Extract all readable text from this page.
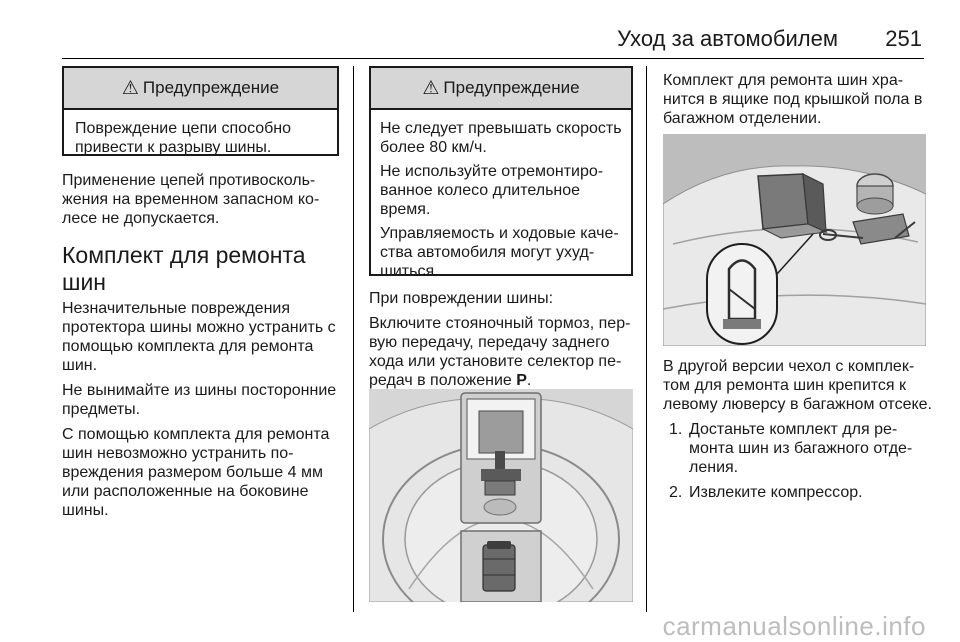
Уход за автомобилем 251
⚠ Предупреждение

Повреждение цепи способно привести к разрыву шины.

Применение цепей противоскольжения на временном запасном колесе не допускается.

Комплект для ремонта шин

Незначительные повреждения протектора шины можно устранить с помощью комплекта для ремонта шин.

Не вынимайте из шины посторонние предметы.

С помощью комплекта для ремонта шин невозможно устранить повреждения размером больше 4 мм или расположенные на боковине шины.

⚠ Предупреждение

Не следует превышать скорость более 80 км/ч.

Не используйте отремонтированное колесо длительное время.

Управляемость и ходовые качества автомобиля могут ухудшиться.

При повреждении шины:

Включите стояночный тормоз, первую передачу, передачу заднего хода или установите селектор передач в положение P.

Комплект для ремонта шин хранится в ящике под крышкой пола в багажном отделении.

В другой версии чехол с комплектом для ремонта шин крепится к левому люверсу в багажном отсеке.

1. Достаньте комплект для ремонта шин из багажного отделения.
2. Извлеките компрессор.
carmanualsonline.info
